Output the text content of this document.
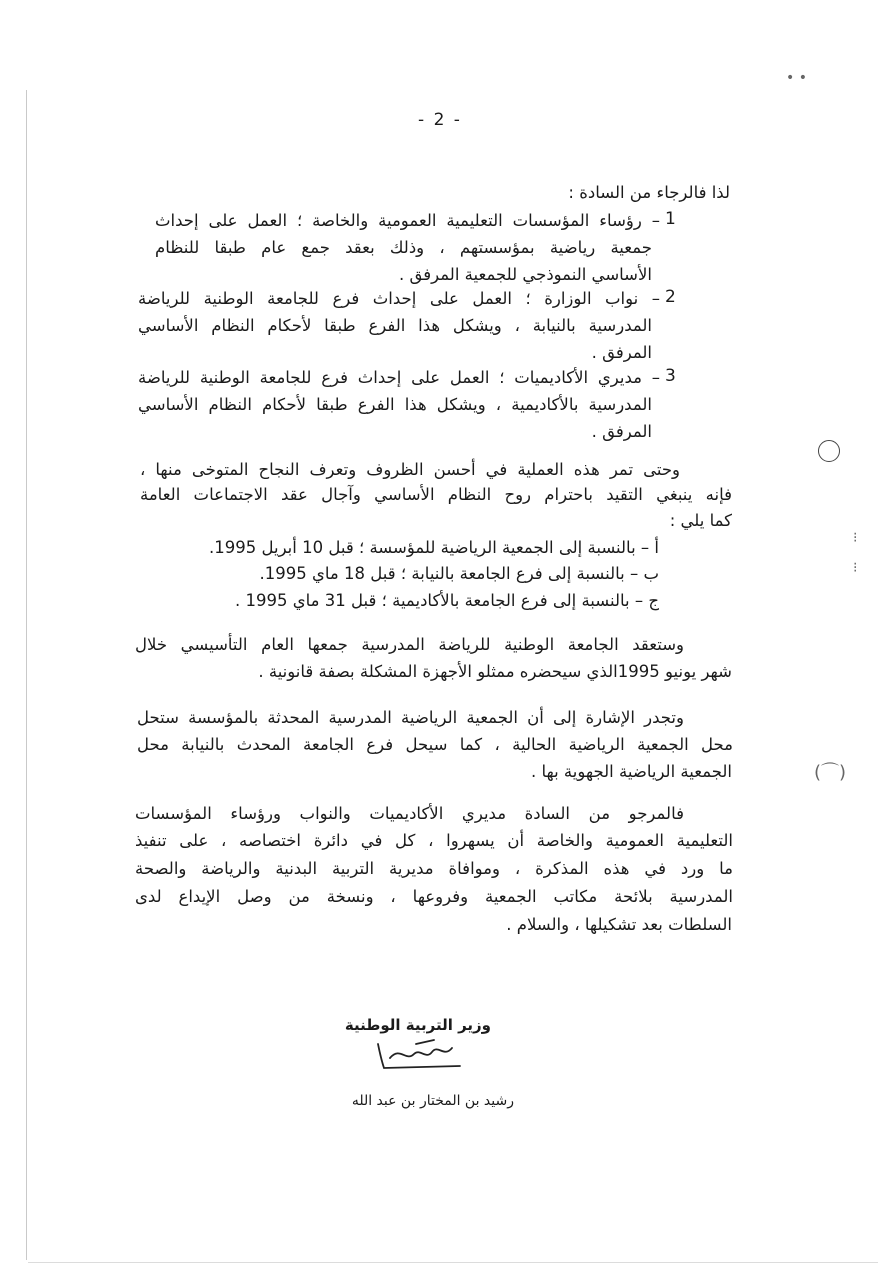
• •
⁝
⁝
(⌒)
- 2 -
لذا فالرجاء من السادة :
1
– رؤساء المؤسسات التعليمية العمومية والخاصة ؛ العمل على إحداث
جمعية رياضية بمؤسستهم ، وذلك بعقد جمع عام طبقا للنظام
الأساسي النموذجي للجمعية المرفق .
2
– نواب الوزارة ؛ العمل على إحداث فرع للجامعة الوطنية للرياضة
المدرسية بالنيابة ، ويشكل هذا الفرع طبقا لأحكام النظام الأساسي
المرفق .
3
– مديري الأكاديميات ؛ العمل على إحداث فرع للجامعة الوطنية للرياضة
المدرسية بالأكاديمية ، ويشكل هذا الفرع طبقا لأحكام النظام الأساسي
المرفق .
وحتى تمر هذه العملية في أحسن الظروف وتعرف النجاح المتوخى منها ،
فإنه ينبغي التقيد باحترام روح النظام الأساسي وآجال عقد الاجتماعات العامة
كما يلي :
أ – بالنسبة إلى الجمعية الرياضية للمؤسسة ؛ قبل 10 أبريل 1995.
ب – بالنسبة إلى فرع الجامعة بالنيابة ؛ قبل 18 ماي 1995.
ج – بالنسبة إلى فرع الجامعة بالأكاديمية ؛ قبل 31 ماي 1995 .
وستعقد الجامعة الوطنية للرياضة المدرسية جمعها العام التأسيسي خلال
شهر يونيو 1995الذي سيحضره ممثلو الأجهزة المشكلة بصفة قانونية .
وتجدر الإشارة إلى أن الجمعية الرياضية المدرسية المحدثة بالمؤسسة ستحل
محل الجمعية الرياضية الحالية ، كما سيحل فرع الجامعة المحدث بالنيابة محل
الجمعية الرياضية الجهوية بها .
فالمرجو من السادة مديري الأكاديميات والنواب ورؤساء المؤسسات
التعليمية العمومية والخاصة أن يسهروا ، كل في دائرة اختصاصه ، على تنفيذ
ما ورد في هذه المذكرة ، وموافاة مديرية التربية البدنية والرياضة والصحة
المدرسية بلائحة مكاتب الجمعية وفروعها ، ونسخة من وصل الإيداع لدى
السلطات بعد تشكيلها ، والسلام .
وزير التربية الوطنية
رشيد بن المختار بن عبد الله
